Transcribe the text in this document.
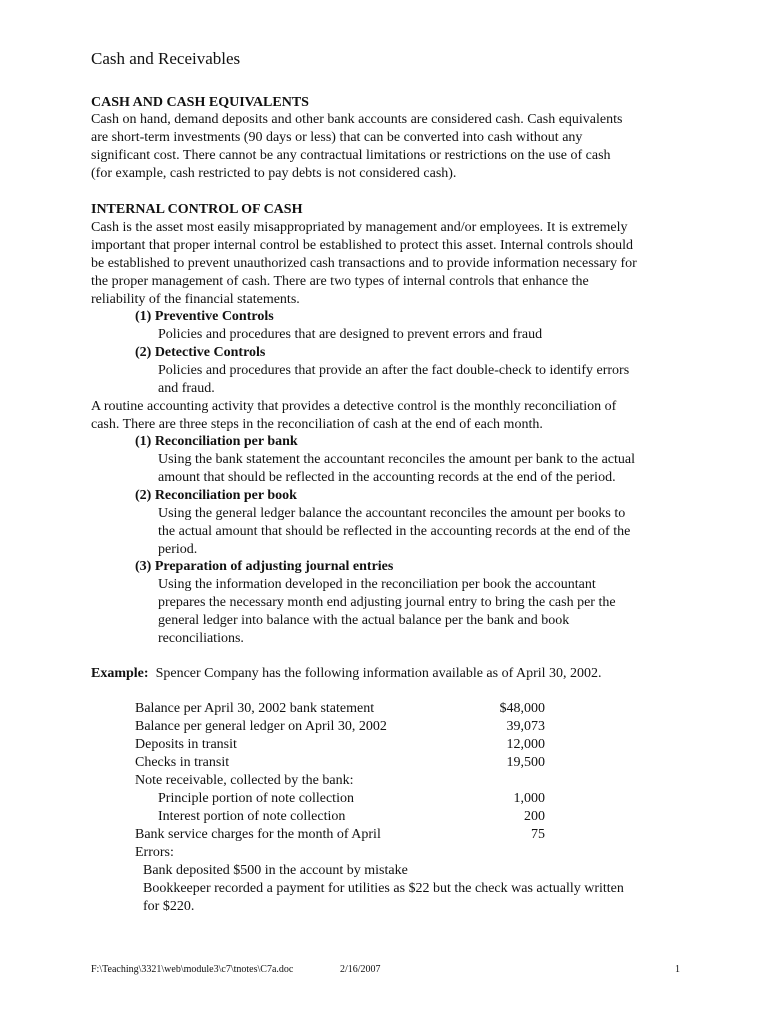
Cash and Receivables
CASH AND CASH EQUIVALENTS
Cash on hand, demand deposits and other bank accounts are considered cash. Cash equivalents
are short-term investments (90 days or less) that can be converted into cash without any
significant cost. There cannot be any contractual limitations or restrictions on the use of cash
(for example, cash restricted to pay debts is not considered cash).
INTERNAL CONTROL OF CASH
Cash is the asset most easily misappropriated by management and/or employees. It is extremely
important that proper internal control be established to protect this asset. Internal controls should
be established to prevent unauthorized cash transactions and to provide information necessary for
the proper management of cash. There are two types of internal controls that enhance the
reliability of the financial statements.
(1) Preventive Controls
Policies and procedures that are designed to prevent errors and fraud
(2) Detective Controls
Policies and procedures that provide an after the fact double-check to identify errors
and fraud.
A routine accounting activity that provides a detective control is the monthly reconciliation of
cash. There are three steps in the reconciliation of cash at the end of each month.
(1) Reconciliation per bank
Using the bank statement the accountant reconciles the amount per bank to the actual
amount that should be reflected in the accounting records at the end of the period.
(2) Reconciliation per book
Using the general ledger balance the accountant reconciles the amount per books to
the actual amount that should be reflected in the accounting records at the end of the
period.
(3) Preparation of adjusting journal entries
Using the information developed in the reconciliation per book the accountant
prepares the necessary month end adjusting journal entry to bring the cash per the
general ledger into balance with the actual balance per the bank and book
reconciliations.
Example: Spencer Company has the following information available as of April 30, 2002.
Balance per April 30, 2002 bank statement	$48,000
Balance per general ledger on April 30, 2002	39,073
Deposits in transit	12,000
Checks in transit	19,500
Note receivable, collected by the bank:
Principle portion of note collection	1,000
Interest portion of note collection	200
Bank service charges for the month of April	75
Errors:
Bank deposited $500 in the account by mistake
Bookkeeper recorded a payment for utilities as $22 but the check was actually written
for $220.
F:\Teaching\3321\web\module3\c7\tnotes\C7a.doc	2/16/2007	1
